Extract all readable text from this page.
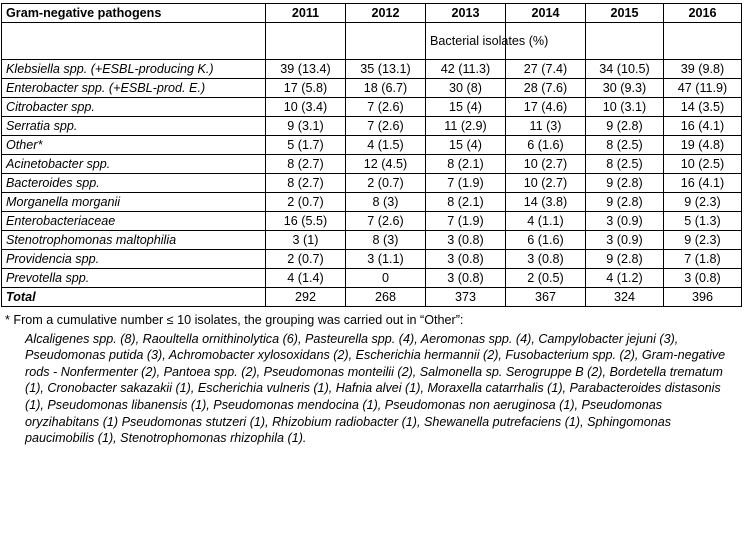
Gram-negative pathogens	2011	2012	2013	2014	2015	2016
			Bacterial isolates (%)			
Klebsiella spp. (+ESBL-producing K.)	39 (13.4)	35 (13.1)	42 (11.3)	27 (7.4)	34 (10.5)	39 (9.8)
Enterobacter spp. (+ESBL-prod. E.)	17 (5.8)	18 (6.7)	30 (8)	28 (7.6)	30 (9.3)	47 (11.9)
Citrobacter spp.	10 (3.4)	7 (2.6)	15 (4)	17 (4.6)	10 (3.1)	14 (3.5)
Serratia spp.	9 (3.1)	7 (2.6)	11 (2.9)	11 (3)	9 (2.8)	16 (4.1)
Other*	5 (1.7)	4 (1.5)	15 (4)	6 (1.6)	8 (2.5)	19 (4.8)
Acinetobacter spp.	8 (2.7)	12 (4.5)	8 (2.1)	10 (2.7)	8 (2.5)	10 (2.5)
Bacteroides spp.	8 (2.7)	2 (0.7)	7 (1.9)	10 (2.7)	9 (2.8)	16 (4.1)
Morganella morganii	2 (0.7)	8 (3)	8 (2.1)	14 (3.8)	9 (2.8)	9 (2.3)
Enterobacteriaceae	16 (5.5)	7 (2.6)	7 (1.9)	4 (1.1)	3 (0.9)	5 (1.3)
Stenotrophomonas maltophilia	3 (1)	8 (3)	3 (0.8)	6 (1.6)	3 (0.9)	9 (2.3)
Providencia spp.	2 (0.7)	3 (1.1)	3 (0.8)	3 (0.8)	9 (2.8)	7 (1.8)
Prevotella spp.	4 (1.4)	0	3 (0.8)	2 (0.5)	4 (1.2)	3 (0.8)
Total	292	268	373	367	324	396
* From a cumulative number ≤ 10 isolates, the grouping was carried out in “Other”:
Alcaligenes spp. (8), Raoultella ornithinolytica (6), Pasteurella spp. (4), Aeromonas spp. (4), Campylobacter jejuni (3), Pseudomonas putida (3), Achromobacter xylosoxidans (2), Escherichia hermannii (2), Fusobacterium spp. (2), Gram-negative rods - Nonfermenter (2), Pantoea spp. (2), Pseudomonas monteilii (2), Salmonella sp. Serogruppe B (2), Bordetella trematum (1), Cronobacter sakazakii (1), Escherichia vulneris (1), Hafnia alvei (1), Moraxella catarrhalis (1), Parabacteroides distasonis (1), Pseudomonas libanensis (1), Pseudomonas mendocina (1), Pseudomonas non aeruginosa (1), Pseudomonas oryzihabitans (1) Pseudomonas stutzeri (1), Rhizobium radiobacter (1), Shewanella putrefaciens (1), Sphingomonas paucimobilis (1), Stenotrophomonas rhizophila (1).
